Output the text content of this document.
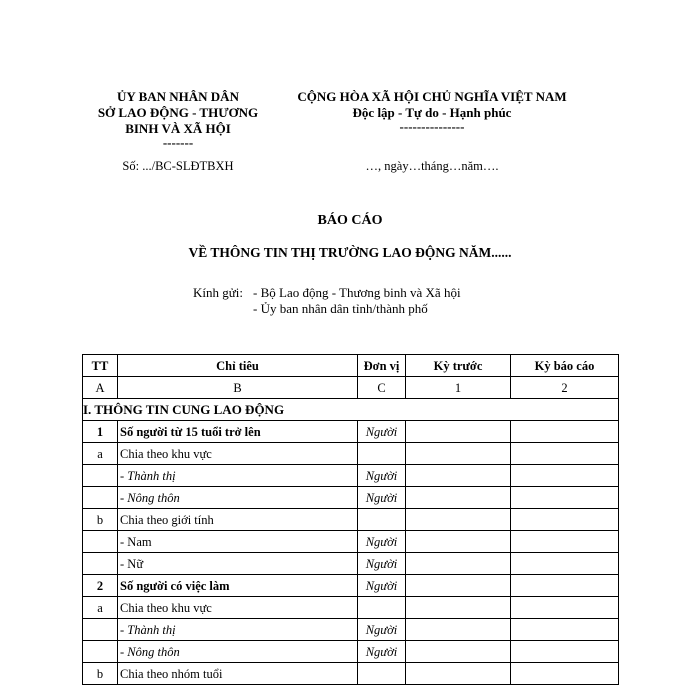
ỦY BAN NHÂN DÂN
SỞ LAO ĐỘNG - THƯƠNG
BINH VÀ XÃ HỘI
-------
CỘNG HÒA XÃ HỘI CHỦ NGHĨA VIỆT NAM
Độc lập - Tự do - Hạnh phúc
---------------
Số: .../BC-SLĐTBXH	…, ngày…tháng…năm….
BÁO CÁO
VỀ THÔNG TIN THỊ TRƯỜNG LAO ĐỘNG NĂM......
Kính gửi: - Bộ Lao động - Thương binh và Xã hội
- Ủy ban nhân dân tỉnh/thành phố
TT	Chỉ tiêu	Đơn vị	Kỳ trước	Kỳ báo cáo
A	B	C	1	2
I. THÔNG TIN CUNG LAO ĐỘNG				
1	Số người từ 15 tuổi trở lên	Người		
a	Chia theo khu vực			
	- Thành thị	Người		
	- Nông thôn	Người		
b	Chia theo giới tính			
	- Nam	Người		
	- Nữ	Người		
2	Số người có việc làm	Người		
a	Chia theo khu vực			
	- Thành thị	Người		
	- Nông thôn	Người		
b	Chia theo nhóm tuổi			
